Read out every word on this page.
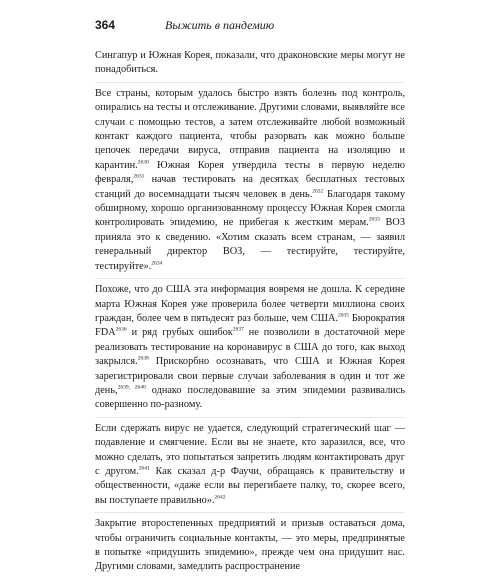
364	Выжить в пандемию

Сингапур и Южная Корея, показали, что драконовские меры могут не понадобиться.

Все страны, которым удалось быстро взять болезнь под контроль, опирались на тесты и отслеживание. Другими словами, выявляйте все случаи с помощью тестов, а затем отслеживайте любой возможный контакт каждого пациента, чтобы разорвать как можно больше цепочек передачи вируса, отправив пациента на изоляцию и карантин.$^{2630}$ Южная Корея утвердила тесты в первую неделю февраля,$^{2631}$ начав тестировать на десятках бесплатных тестовых станций до восемнадцати тысяч человек в день.$^{2632}$ Благодаря такому обширному, хорошо организованному процессу Южная Корея смогла контролировать эпидемию, не прибегая к жестким мерам.$^{2633}$ ВОЗ приняла это к сведению. «Хотим сказать всем странам, — заявил генеральный директор ВОЗ, — тестируйте, тестируйте, тестируйте».$^{2634}$

Похоже, что до США эта информация вовремя не дошла. К середине марта Южная Корея уже проверила более четверти миллиона своих граждан, более чем в пятьдесят раз больше, чем США.$^{2635}$ Бюрократия FDA$^{2636}$ и ряд грубых ошибок$^{2637}$ не позволили в достаточной мере реализовать тестирование на коронавирус в США до того, как выход закрылся.$^{2638}$ Прискорбно осознавать, что США и Южная Корея зарегистрировали свои первые случаи заболевания в один и тот же день,$^{2639, 2640}$ однако последовавшие за этим эпидемии развивались совершенно по-разному.

Если сдержать вирус не удается, следующий стратегический шаг — подавление и смягчение. Если вы не знаете, кто заразился, все, что можно сделать, это попытаться запретить людям контактировать друг с другом.$^{2641}$ Как сказал д-р Фаучи, обращаясь к правительству и общественности, «даже если вы перегибаете палку, то, скорее всего, вы поступаете правильно».$^{2642}$

Закрытие второстепенных предприятий и призыв оставаться дома, чтобы ограничить социальные контакты, — это меры, предпринятые в попытке «придушить эпидемию», прежде чем она придушит нас. Другими словами, замедлить распространение
